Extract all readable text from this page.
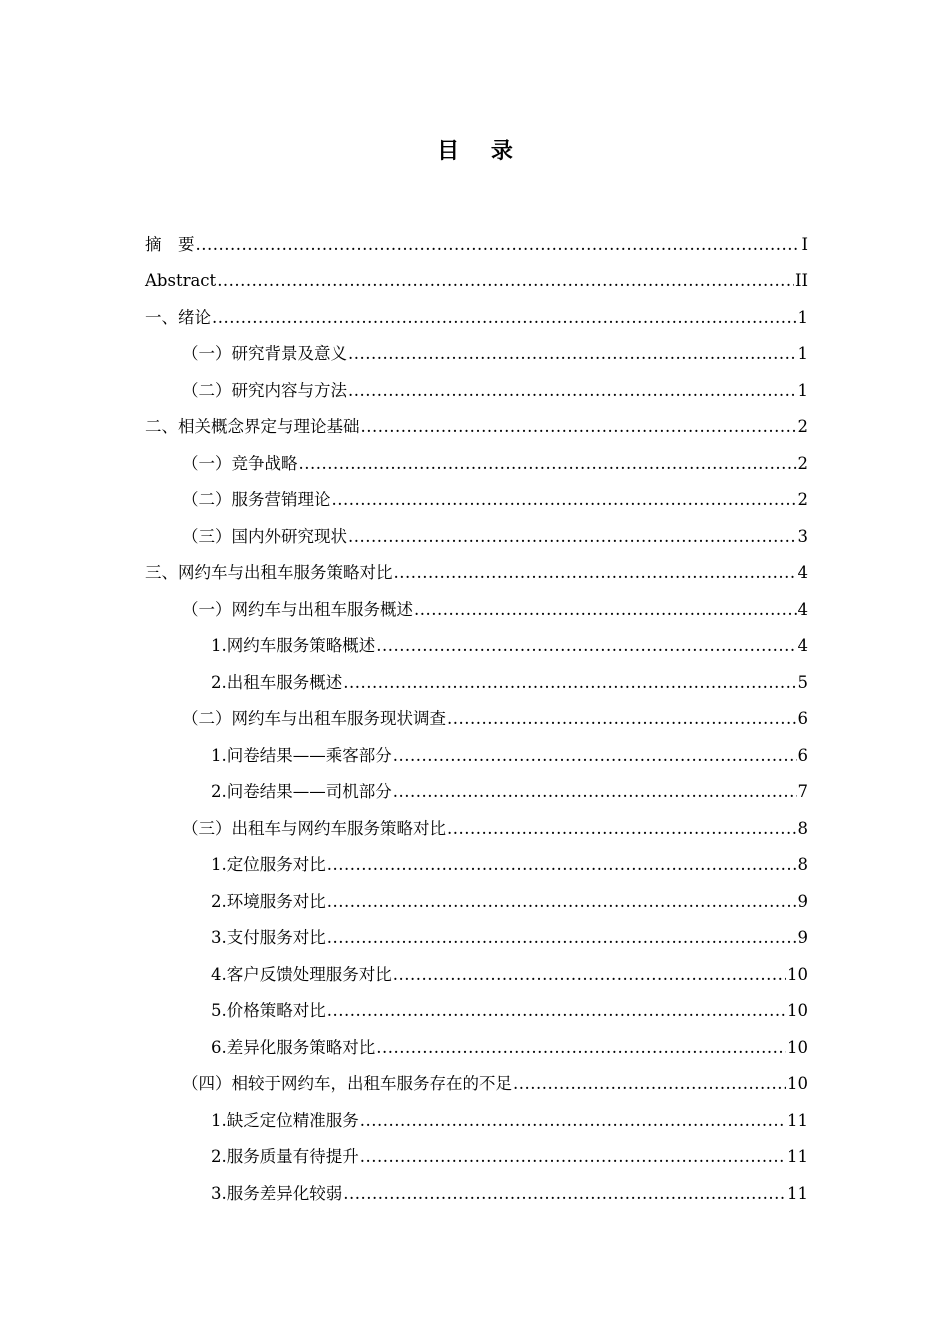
目 录
摘　要 .....	I
Abstract .....	II
一、绪论 .....	1
（一）研究背景及意义 .....	1
（二）研究内容与方法 .....	1
二、相关概念界定与理论基础 .....	2
（一）竞争战略 .....	2
（二）服务营销理论 .....	2
（三）国内外研究现状 .....	3
三、网约车与出租车服务策略对比 .....	4
（一）网约车与出租车服务概述 .....	4
1.网约车服务策略概述 .....	4
2.出租车服务概述 .....	5
（二）网约车与出租车服务现状调查 .....	6
1.问卷结果——乘客部分 .....	6
2.问卷结果——司机部分 .....	7
（三）出租车与网约车服务策略对比 .....	8
1.定位服务对比 .....	8
2.环境服务对比 .....	9
3.支付服务对比 .....	9
4.客户反馈处理服务对比 .....	10
5.价格策略对比 .....	10
6.差异化服务策略对比 .....	10
（四）相较于网约车，出租车服务存在的不足 .....	10
1.缺乏定位精准服务 .....	11
2.服务质量有待提升 .....	11
3.服务差异化较弱 .....	11
